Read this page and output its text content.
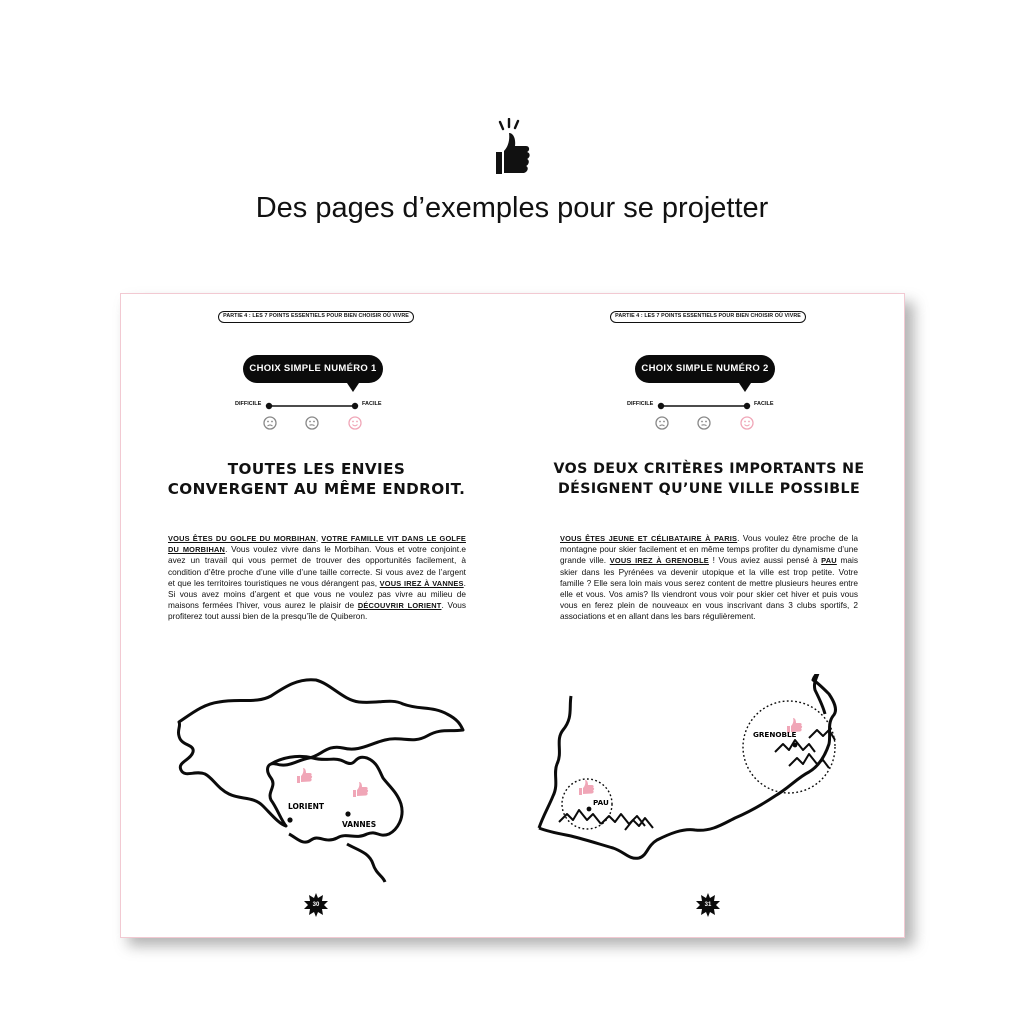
Des pages d’exemples pour se projetter
PARTIE 4 : LES 7 POINTS ESSENTIELS POUR BIEN CHOISIR OÙ VIVRE
CHOIX SIMPLE NUMÉRO 1
DIFFICILE	FACILE
TOUTES LES ENVIES
CONVERGENT AU MÊME ENDROIT.
VOUS ÊTES DU GOLFE DU MORBIHAN, VOTRE FAMILLE VIT DANS LE GOLFE DU MORBIHAN. Vous voulez vivre dans le Morbihan. Vous et votre conjoint.e avez un travail qui vous permet de trouver des opportunités facilement, à condition d’être proche d’une ville d’une taille correcte. Si vous avez de l’argent et que les territoires touristiques ne vous dérangent pas, VOUS IREZ À VANNES. Si vous avez moins d’argent et que vous ne voulez pas vivre au milieu de maisons fermées l’hiver, vous aurez le plaisir de DÉCOUVRIR LORIENT. Vous profiterez tout aussi bien de la presqu’île de Quiberon.
LORIENT
VANNES
30
PARTIE 4 : LES 7 POINTS ESSENTIELS POUR BIEN CHOISIR OÙ VIVRE
CHOIX SIMPLE NUMÉRO 2
DIFFICILE	FACILE
VOS DEUX CRITÈRES IMPORTANTS NE
DÉSIGNENT QU’UNE VILLE POSSIBLE
VOUS ÊTES JEUNE ET CÉLIBATAIRE À PARIS. Vous voulez être proche de la montagne pour skier facilement et en même temps profiter du dynamisme d’une grande ville. VOUS IREZ À GRENOBLE ! Vous aviez aussi pensé à PAU mais skier dans les Pyrénées va devenir utopique et la ville est trop petite. Votre famille ? Elle sera loin mais vous serez content de mettre plusieurs heures entre elle et vous. Vos amis? Ils viendront vous voir pour skier cet hiver et puis vous vous en ferez plein de nouveaux en vous inscrivant dans 3 clubs sportifs, 2 associations et en allant dans les bars régulièrement.
PAU
GRENOBLE
31
